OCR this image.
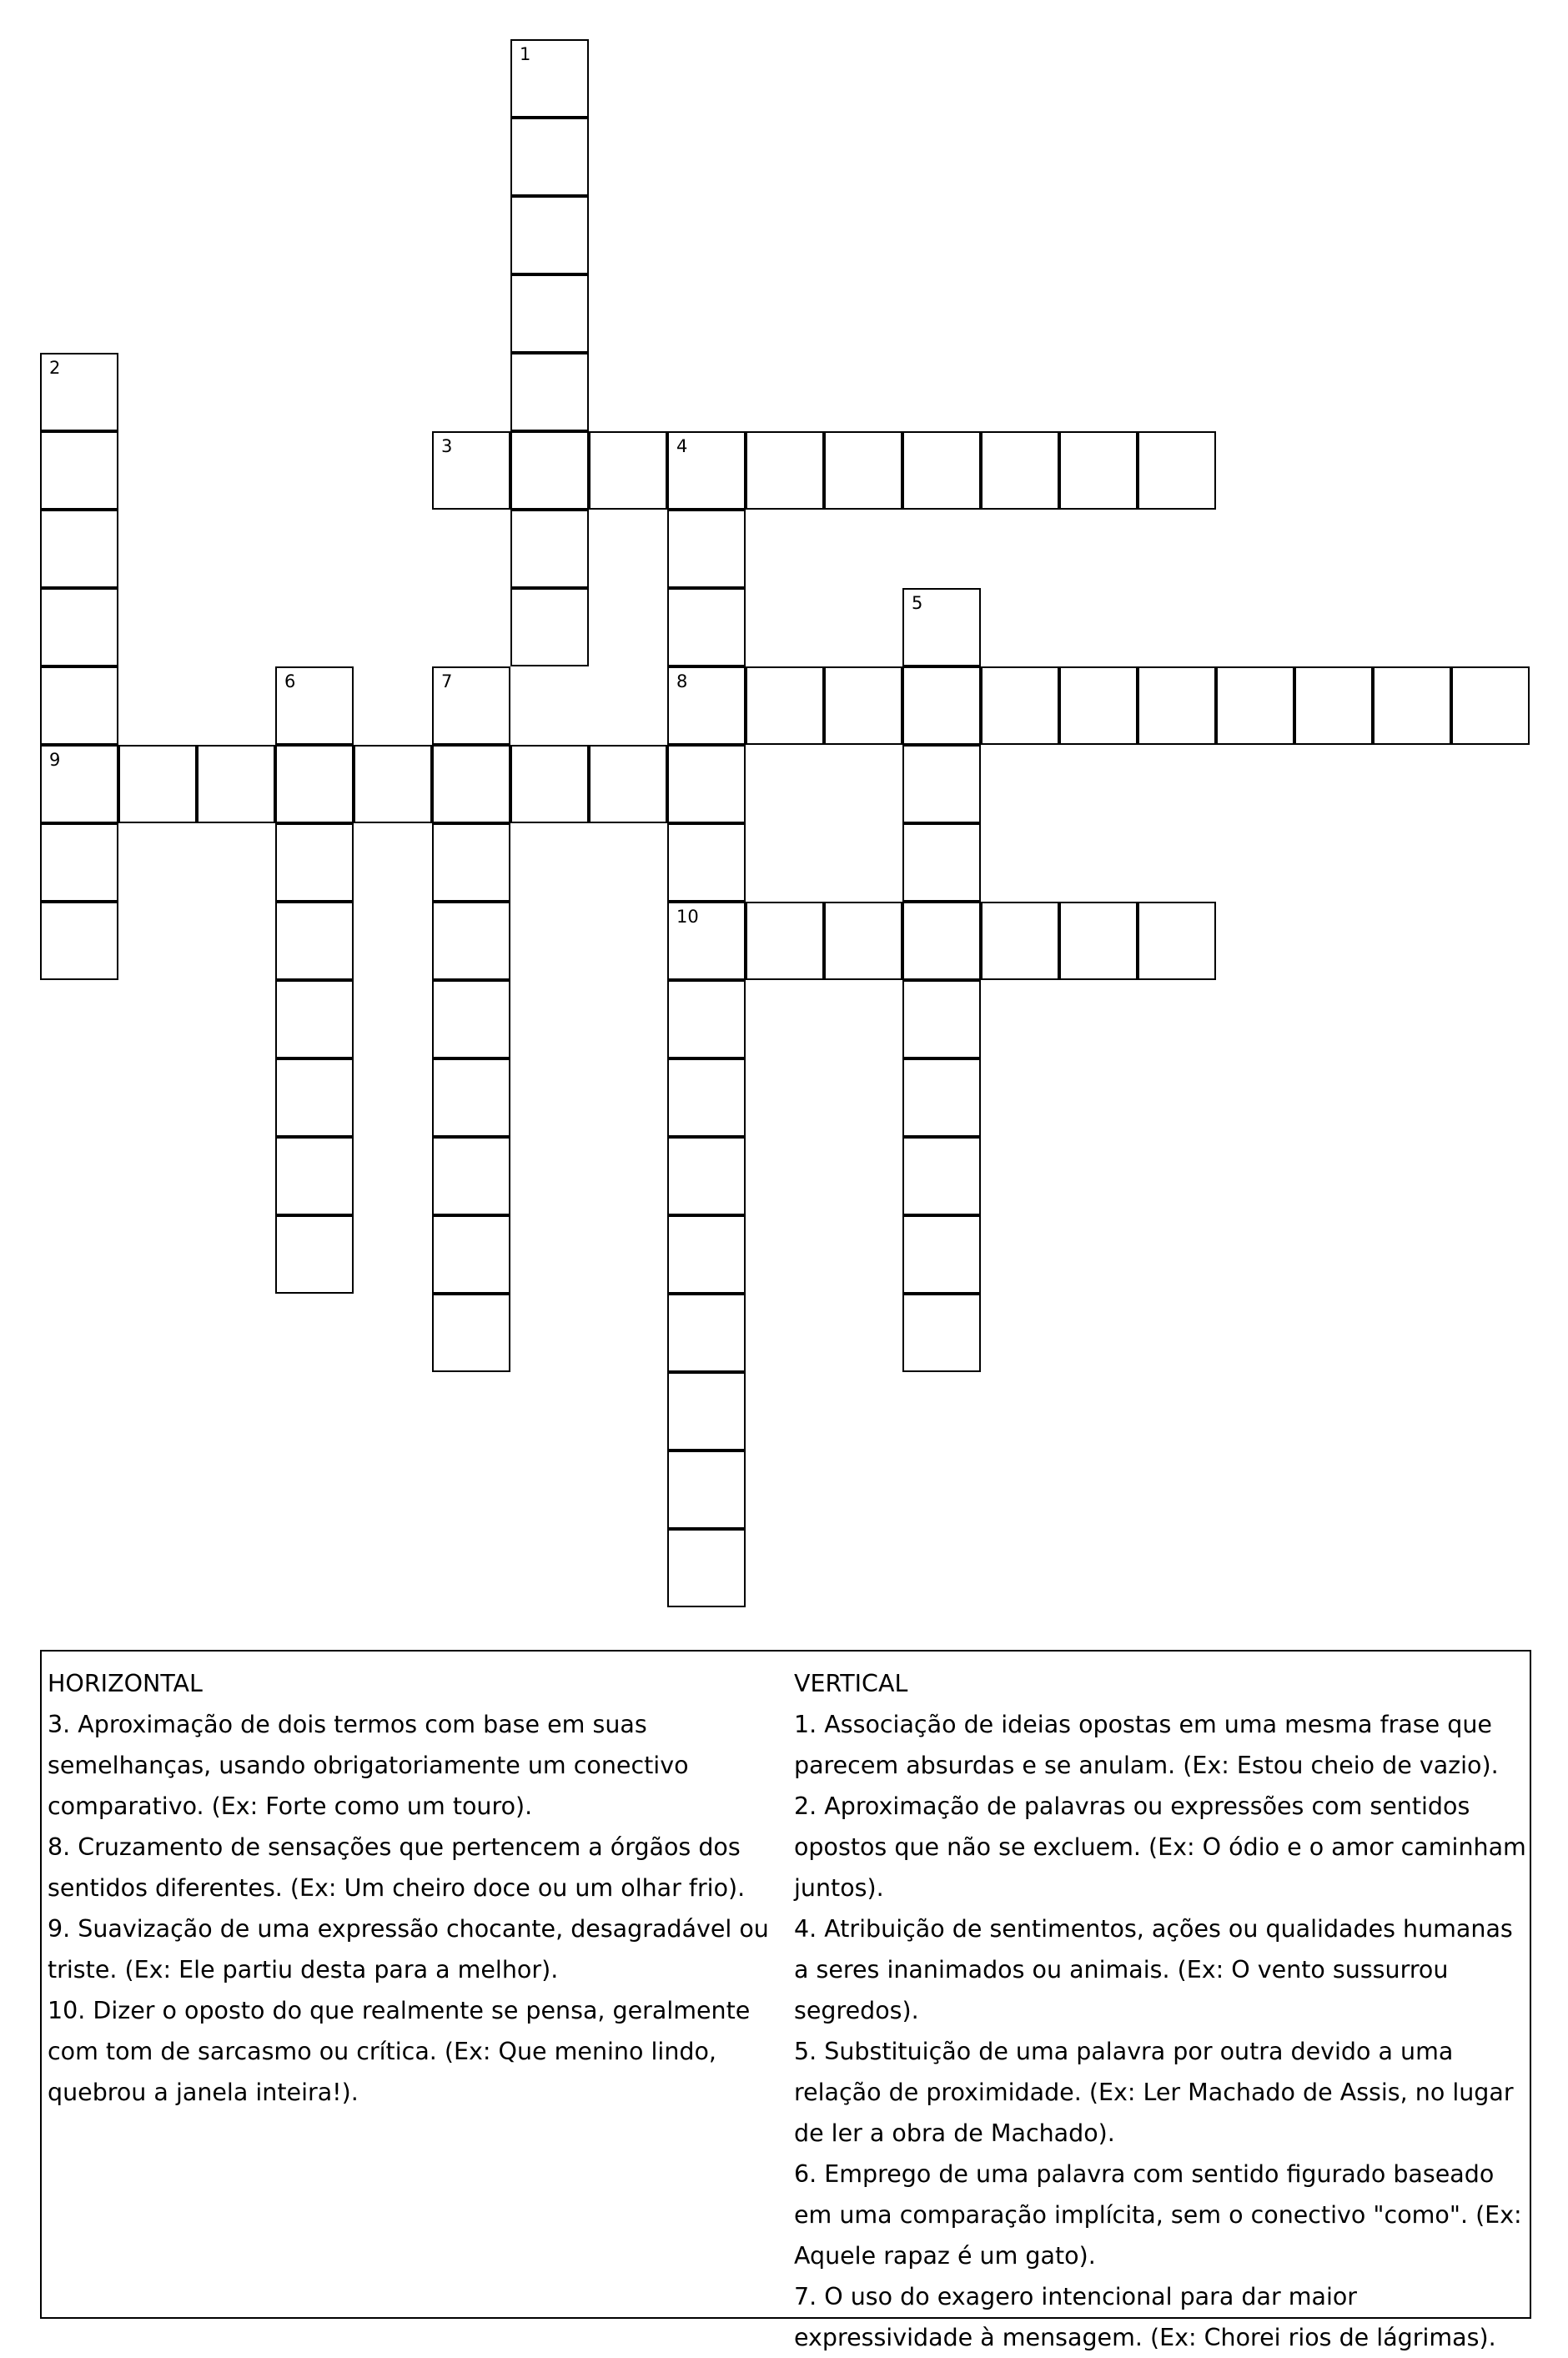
3	4
8
9
10
1
2
5
6	7
HORIZONTAL
3. Aproximação de dois termos com base em suas semelhanças, usando obrigatoriamente um conectivo comparativo. (Ex: Forte como um touro).
8. Cruzamento de sensações que pertencem a órgãos dos sentidos diferentes. (Ex: Um cheiro doce ou um olhar frio).
9. Suavização de uma expressão chocante, desagradável ou triste. (Ex: Ele partiu desta para a melhor).
10. Dizer o oposto do que realmente se pensa, geralmente com tom de sarcasmo ou crítica. (Ex: Que menino lindo, quebrou a janela inteira!).
VERTICAL
1. Associação de ideias opostas em uma mesma frase que parecem absurdas e se anulam. (Ex: Estou cheio de vazio).
2. Aproximação de palavras ou expressões com sentidos opostos que não se excluem. (Ex: O ódio e o amor caminham juntos).
4. Atribuição de sentimentos, ações ou qualidades humanas a seres inanimados ou animais. (Ex: O vento sussurrou segredos).
5. Substituição de uma palavra por outra devido a uma relação de proximidade. (Ex: Ler Machado de Assis, no lugar de ler a obra de Machado).
6. Emprego de uma palavra com sentido figurado baseado em uma comparação implícita, sem o conectivo "como". (Ex: Aquele rapaz é um gato).
7. O uso do exagero intencional para dar maior expressividade à mensagem. (Ex: Chorei rios de lágrimas).
